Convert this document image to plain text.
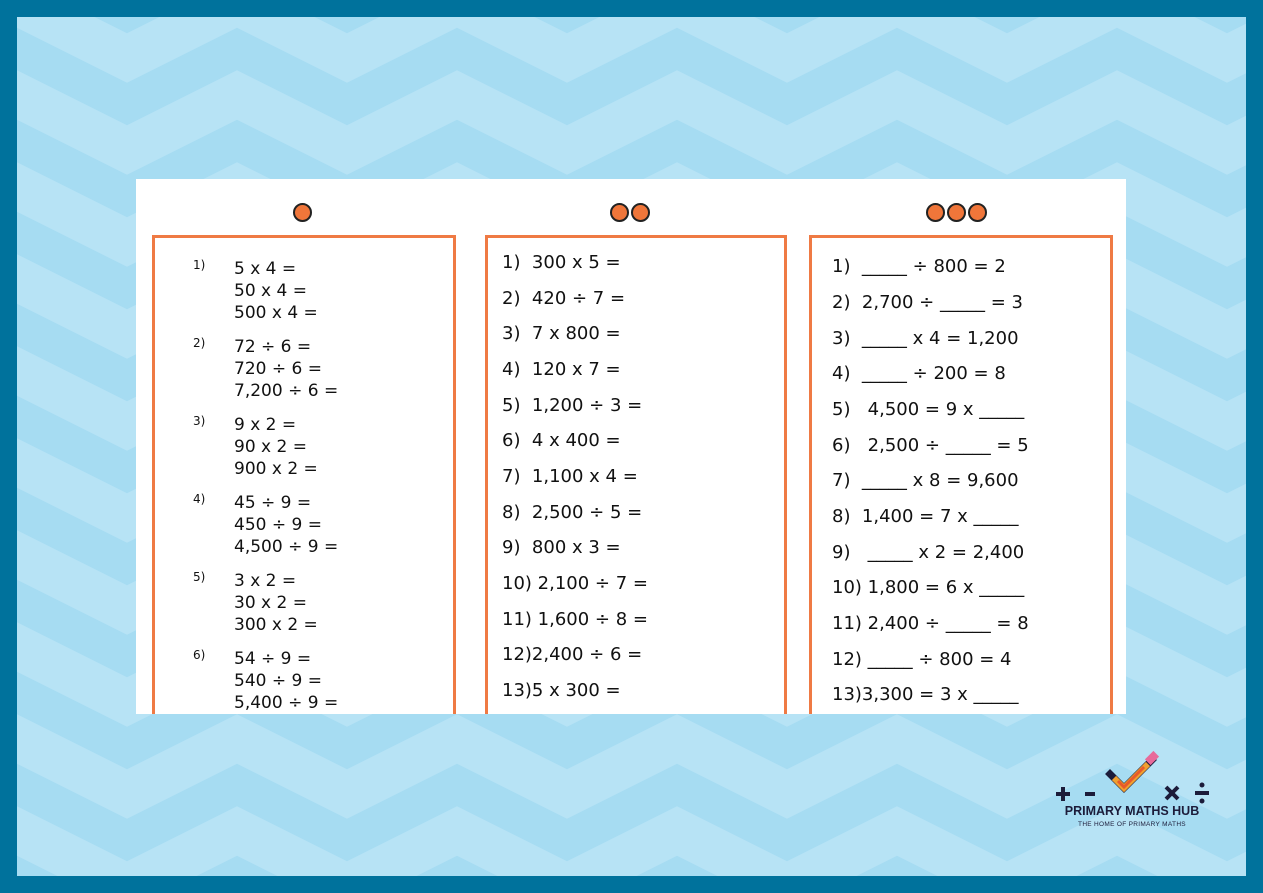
1) 5 x 4 =
50 x 4 =
500 x 4 =
2) 72 ÷ 6 =
720 ÷ 6 =
7,200 ÷ 6 =
3) 9 x 2 =
90 x 2 =
900 x 2 =
4) 45 ÷ 9 =
450 ÷ 9 =
4,500 ÷ 9 =
5) 3 x 2 =
30 x 2 =
300 x 2 =
6) 54 ÷ 9 =
540 ÷ 9 =
5,400 ÷ 9 =
1)  300 x 5 =
2)  420 ÷ 7 =
3)  7 x 800 =
4)  120 x 7 =
5)  1,200 ÷ 3 =
6)  4 x 400 =
7)  1,100 x 4 =
8)  2,500 ÷ 5 =
9)  800 x 3 =
10) 2,100 ÷ 7 =
11) 1,600 ÷ 8 =
12)2,400 ÷ 6 =
13)5 x 300 =
1)  _____ ÷ 800 = 2
2)  2,700 ÷ _____ = 3
3)  _____ x 4 = 1,200
4)  _____ ÷ 200 = 8
5)   4,500 = 9 x _____
6)   2,500 ÷ _____ = 5
7)  _____ x 8 = 9,600
8)  1,400 = 7 x _____
9)   _____ x 2 = 2,400
10) 1,800 = 6 x _____
11) 2,400 ÷ _____ = 8
12) _____ ÷ 800 = 4
13)3,300 = 3 x _____
PRIMARY MATHS HUB
THE HOME OF PRIMARY MATHS
